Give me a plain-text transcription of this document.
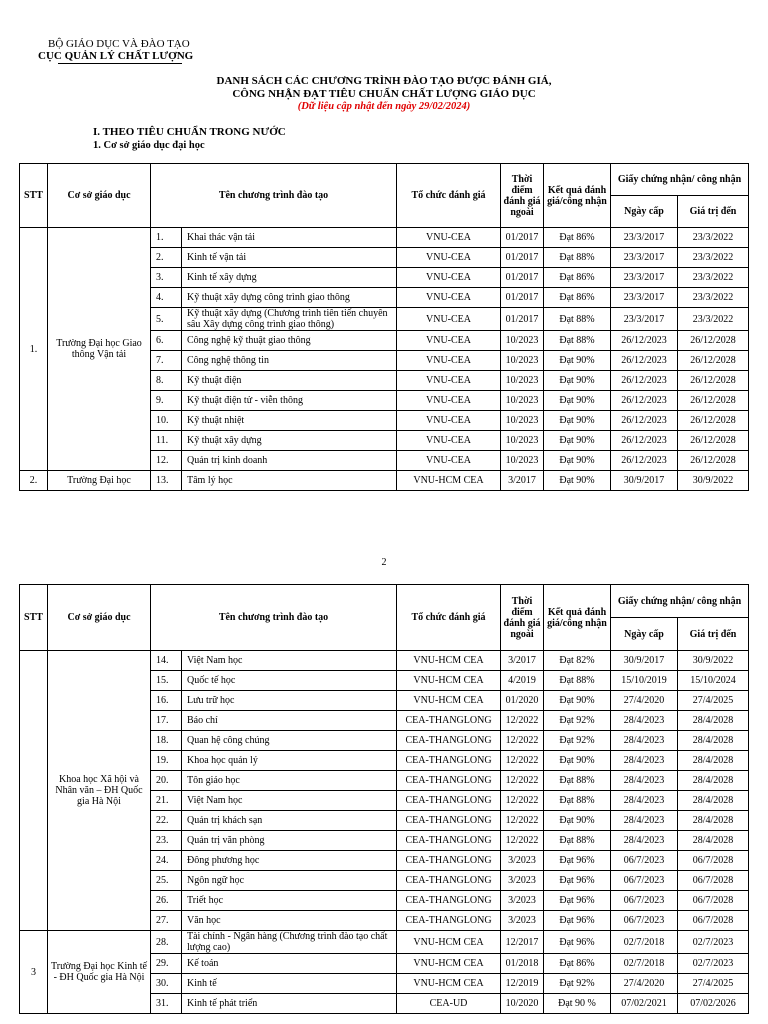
BỘ GIÁO DỤC VÀ ĐÀO TẠO
CỤC QUẢN LÝ CHẤT LƯỢNG
DANH SÁCH CÁC CHƯƠNG TRÌNH ĐÀO TẠO ĐƯỢC ĐÁNH GIÁ,
CÔNG NHẬN ĐẠT TIÊU CHUẨN CHẤT LƯỢNG GIÁO DỤC
(Dữ liệu cập nhật đến ngày 29/02/2024)
I. THEO TIÊU CHUẨN TRONG NƯỚC
1. Cơ sở giáo dục đại học
STT	Cơ sở giáo dục	Tên chương trình đào tạo		Tổ chức đánh giá	Thời điểm đánh giá ngoài	Kết quả đánh giá/công nhận	Giấy chứng nhận/ công nhận	
							Ngày cấp	Giá trị đến
1.	Trường Đại học Giao thông Vận tải	1.	Khai thác vận tải	VNU-CEA	01/2017	Đạt 86%	23/3/2017	23/3/2022
		2.	Kinh tế vận tải	VNU-CEA	01/2017	Đạt 88%	23/3/2017	23/3/2022
		3.	Kinh tế xây dựng	VNU-CEA	01/2017	Đạt 86%	23/3/2017	23/3/2022
		4.	Kỹ thuật xây dựng công trình giao thông	VNU-CEA	01/2017	Đạt 86%	23/3/2017	23/3/2022
		5.	Kỹ thuật xây dựng (Chương trình tiên tiến chuyên sâu Xây dựng công trình giao thông)	VNU-CEA	01/2017	Đạt 88%	23/3/2017	23/3/2022
		6.	Công nghệ kỹ thuật giao thông	VNU-CEA	10/2023	Đạt 88%	26/12/2023	26/12/2028
		7.	Công nghệ thông tin	VNU-CEA	10/2023	Đạt 90%	26/12/2023	26/12/2028
		8.	Kỹ thuật điện	VNU-CEA	10/2023	Đạt 90%	26/12/2023	26/12/2028
		9.	Kỹ thuật điện tử - viễn thông	VNU-CEA	10/2023	Đạt 90%	26/12/2023	26/12/2028
		10.	Kỹ thuật nhiệt	VNU-CEA	10/2023	Đạt 90%	26/12/2023	26/12/2028
		11.	Kỹ thuật xây dựng	VNU-CEA	10/2023	Đạt 90%	26/12/2023	26/12/2028
		12.	Quản trị kinh doanh	VNU-CEA	10/2023	Đạt 90%	26/12/2023	26/12/2028
2.	Trường Đại học	13.	Tâm lý học	VNU-HCM CEA	3/2017	Đạt 90%	30/9/2017	30/9/2022
2
STT	Cơ sở giáo dục	Tên chương trình đào tạo		Tổ chức đánh giá	Thời điểm đánh giá ngoài	Kết quả đánh giá/công nhận	Giấy chứng nhận/ công nhận	
							Ngày cấp	Giá trị đến
	Khoa học Xã hội và Nhân văn – ĐH Quốc gia Hà Nội	14.	Việt Nam học	VNU-HCM CEA	3/2017	Đạt 82%	30/9/2017	30/9/2022
		15.	Quốc tế học	VNU-HCM CEA	4/2019	Đạt 88%	15/10/2019	15/10/2024
		16.	Lưu trữ học	VNU-HCM CEA	01/2020	Đạt 90%	27/4/2020	27/4/2025
		17.	Báo chí	CEA-THANGLONG	12/2022	Đạt 92%	28/4/2023	28/4/2028
		18.	Quan hệ công chúng	CEA-THANGLONG	12/2022	Đạt 92%	28/4/2023	28/4/2028
		19.	Khoa học quản lý	CEA-THANGLONG	12/2022	Đạt 90%	28/4/2023	28/4/2028
		20.	Tôn giáo học	CEA-THANGLONG	12/2022	Đạt 88%	28/4/2023	28/4/2028
		21.	Việt Nam học	CEA-THANGLONG	12/2022	Đạt 88%	28/4/2023	28/4/2028
		22.	Quản trị khách sạn	CEA-THANGLONG	12/2022	Đạt 90%	28/4/2023	28/4/2028
		23.	Quản trị văn phòng	CEA-THANGLONG	12/2022	Đạt 88%	28/4/2023	28/4/2028
		24.	Đông phương học	CEA-THANGLONG	3/2023	Đạt 96%	06/7/2023	06/7/2028
		25.	Ngôn ngữ học	CEA-THANGLONG	3/2023	Đạt 96%	06/7/2023	06/7/2028
		26.	Triết học	CEA-THANGLONG	3/2023	Đạt 96%	06/7/2023	06/7/2028
		27.	Văn học	CEA-THANGLONG	3/2023	Đạt 96%	06/7/2023	06/7/2028
3	Trường Đại học Kinh tế - ĐH Quốc gia Hà Nội	28.	Tài chính - Ngân hàng (Chương trình đào tạo chất lượng cao)	VNU-HCM CEA	12/2017	Đạt 96%	02/7/2018	02/7/2023
		29.	Kế toán	VNU-HCM CEA	01/2018	Đạt 86%	02/7/2018	02/7/2023
		30.	Kinh tế	VNU-HCM CEA	12/2019	Đạt 92%	27/4/2020	27/4/2025
		31.	Kinh tế phát triển	CEA-UD	10/2020	Đạt 90 %	07/02/2021	07/02/2026
